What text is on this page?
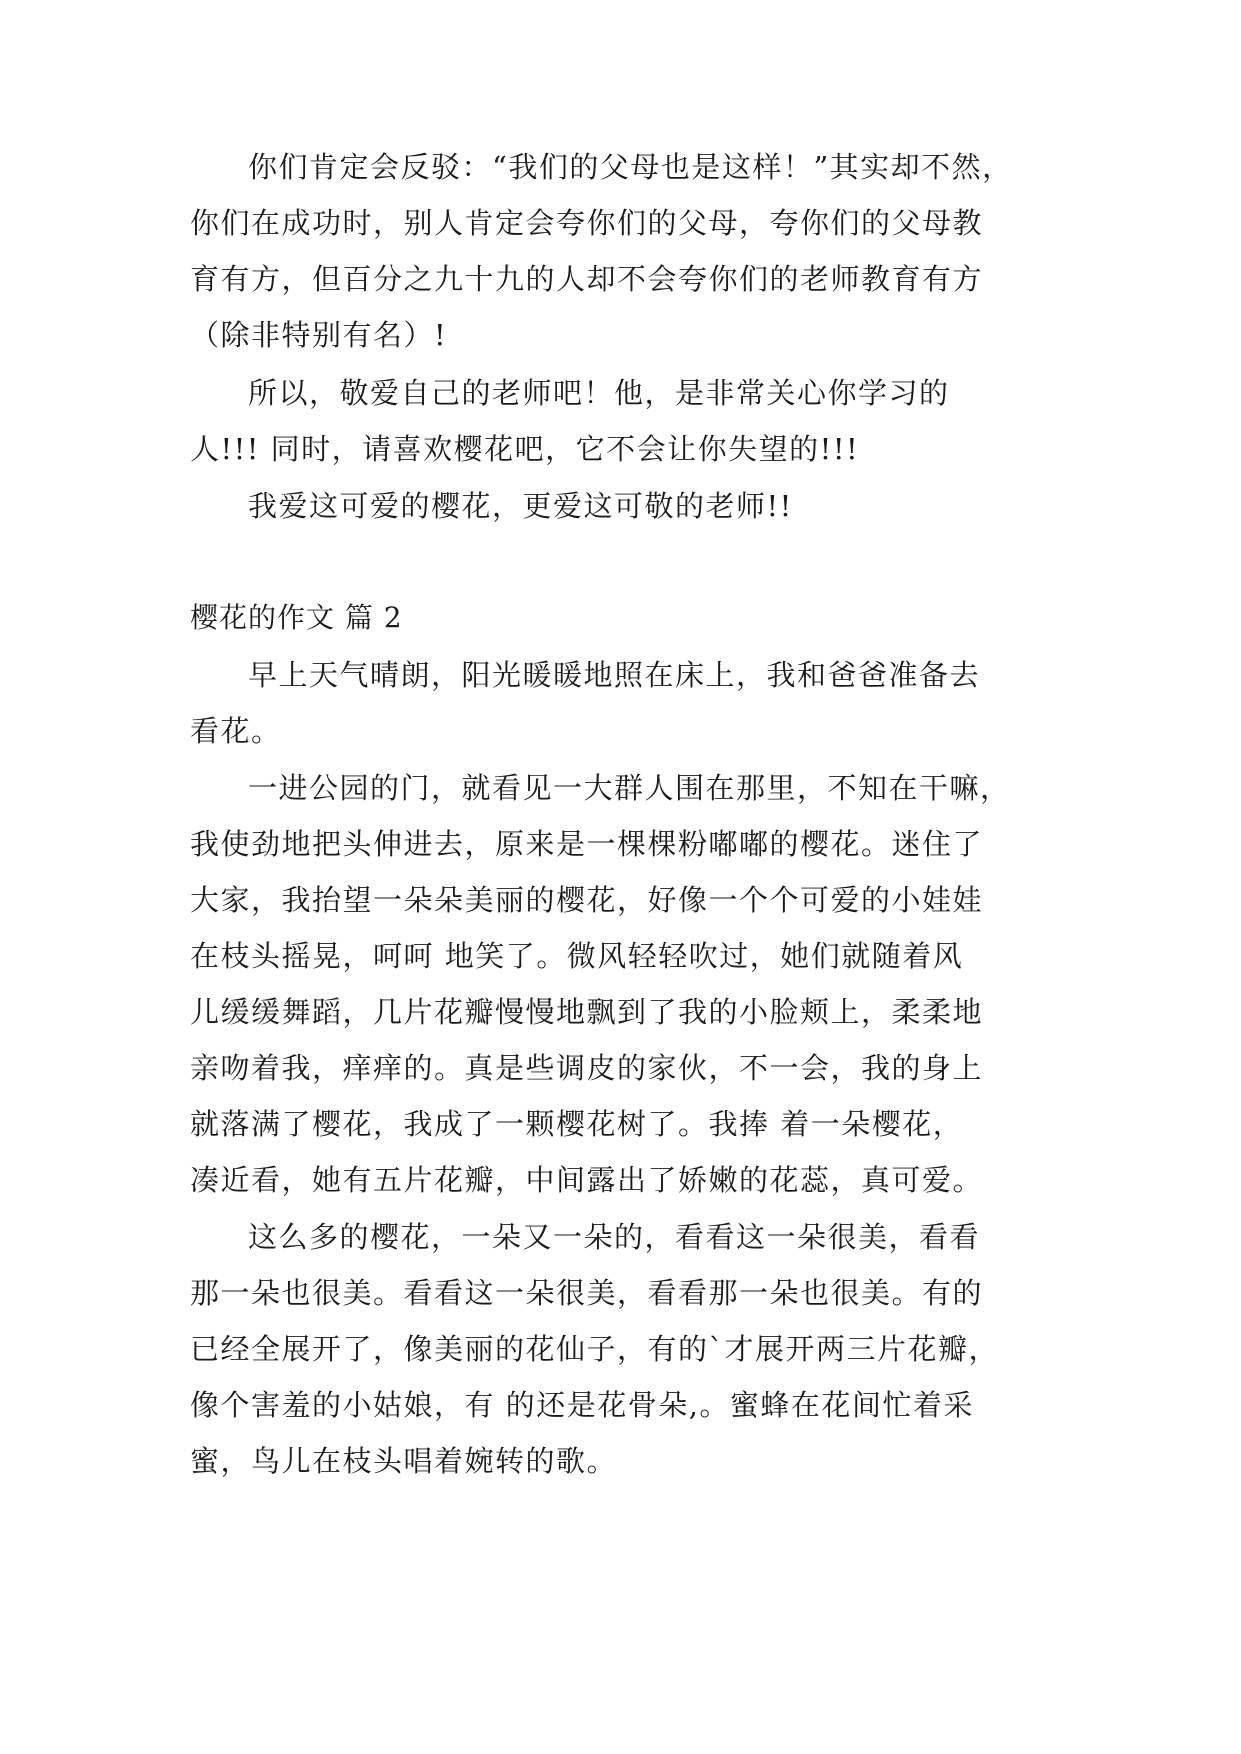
你们肯定会反驳：“我们的父母也是这样！”其实却不然，
你们在成功时，别人肯定会夸你们的父母，夸你们的父母教
育有方，但百分之九十九的人却不会夸你们的老师教育有方
（除非特别有名）!
所以，敬爱自己的老师吧！他，是非常关心你学习的
人!!! 同时，请喜欢樱花吧，它不会让你失望的!!!
我爱这可爱的樱花，更爱这可敬的老师!!
樱花的作文 篇 2
早上天气晴朗，阳光暖暖地照在床上，我和爸爸准备去
看花。
一进公园的门，就看见一大群人围在那里，不知在干嘛，
我使劲地把头伸进去，原来是一棵棵粉嘟嘟的樱花。迷住了
大家，我抬望一朵朵美丽的樱花，好像一个个可爱的小娃娃
在枝头摇晃，呵呵 地笑了。微风轻轻吹过，她们就随着风
儿缓缓舞蹈，几片花瓣慢慢地飘到了我的小脸颊上，柔柔地
亲吻着我，痒痒的。真是些调皮的家伙，不一会，我的身上
就落满了樱花，我成了一颗樱花树了。我捧 着一朵樱花，
凑近看，她有五片花瓣，中间露出了娇嫩的花蕊，真可爱。
这么多的樱花，一朵又一朵的，看看这一朵很美，看看
那一朵也很美。看看这一朵很美，看看那一朵也很美。有的
已经全展开了，像美丽的花仙子，有的`才展开两三片花瓣，
像个害羞的小姑娘，有 的还是花骨朵,。蜜蜂在花间忙着采
蜜，鸟儿在枝头唱着婉转的歌。
